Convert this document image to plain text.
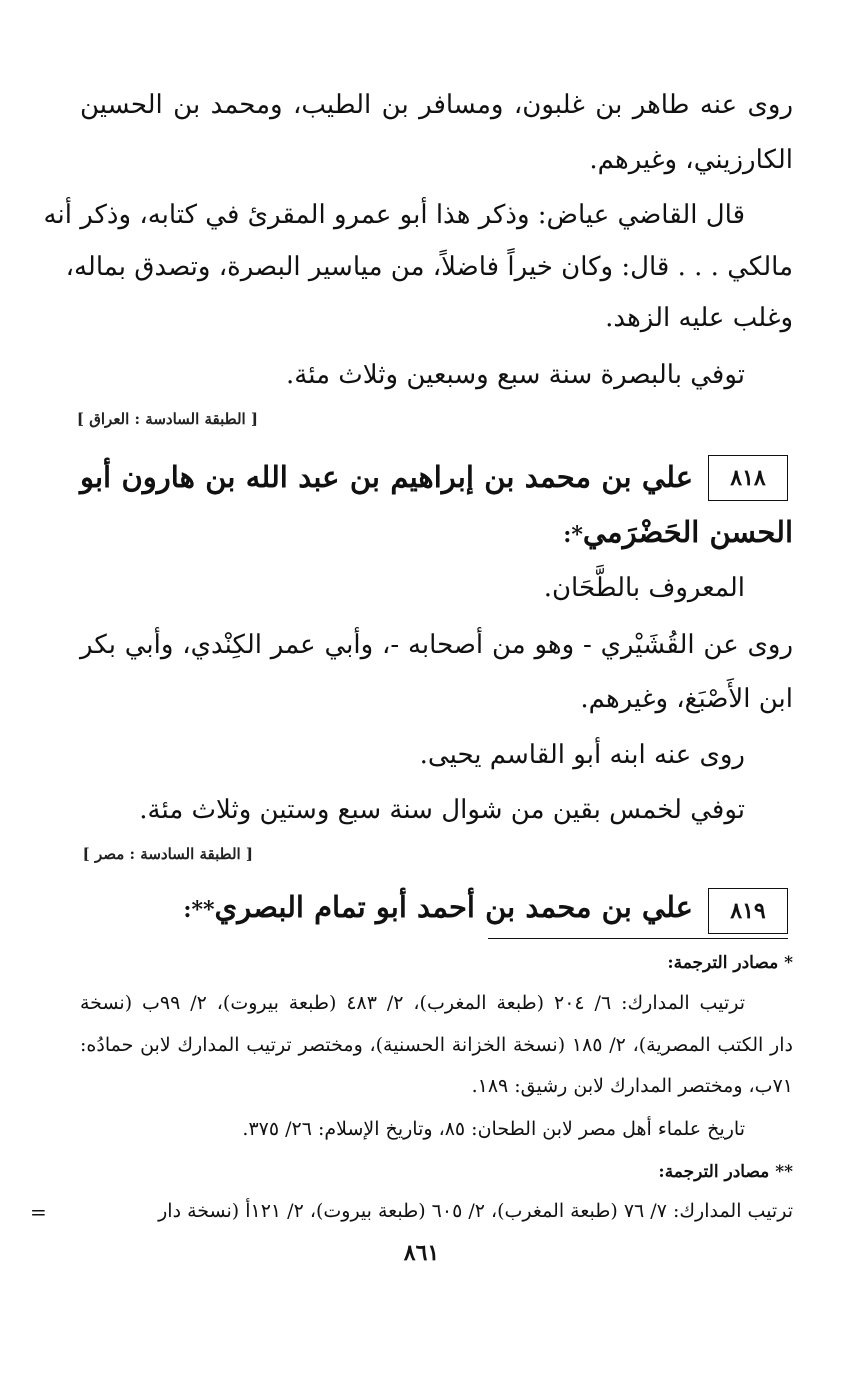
روى عنه طاهر بن غلبون، ومسافر بن الطيب، ومحمد بن الحسين
الكارزيني، وغيرهم.
قال القاضي عياض: وذكر هذا أبو عمرو المقرئ في كتابه، وذكر أنه
مالكي . . . قال: وكان خيراً فاضلاً، من مياسير البصرة، وتصدق بماله،
وغلب عليه الزهد.
توفي بالبصرة سنة سبع وسبعين وثلاث مئة.
[ الطبقة السادسة : العراق ]
٨١٨
علي بن محمد بن إبراهيم بن عبد الله بن هارون أبو
الحسن الحَضْرَمي*:
المعروف بالطَّحَان.
روى عن القُشَيْري - وهو من أصحابه -، وأبي عمر الكِنْدي، وأبي بكر
ابن الأَصْبَغ، وغيرهم.
روى عنه ابنه أبو القاسم يحيى.
توفي لخمس بقين من شوال سنة سبع وستين وثلاث مئة.
[ الطبقة السادسة : مصر ]
٨١٩
علي بن محمد بن أحمد أبو تمام البصري**:
* مصادر الترجمة:
ترتيب المدارك: ٦/ ٢٠٤ (طبعة المغرب)، ٢/ ٤٨٣ (طبعة بيروت)، ٢/ ٩٩ب (نسخة
دار الكتب المصرية)، ٢/ ١٨٥ (نسخة الخزانة الحسنية)، ومختصر ترتيب المدارك لابن حمادُه:
٧١ب، ومختصر المدارك لابن رشيق: ١٨٩.
تاريخ علماء أهل مصر لابن الطحان: ٨٥، وتاريخ الإسلام: ٢٦/ ٣٧٥.
** مصادر الترجمة:
ترتيب المدارك: ٧/ ٧٦ (طبعة المغرب)، ٢/ ٦٠٥ (طبعة بيروت)، ٢/ ١٢١أ (نسخة دار
=
٨٦١
